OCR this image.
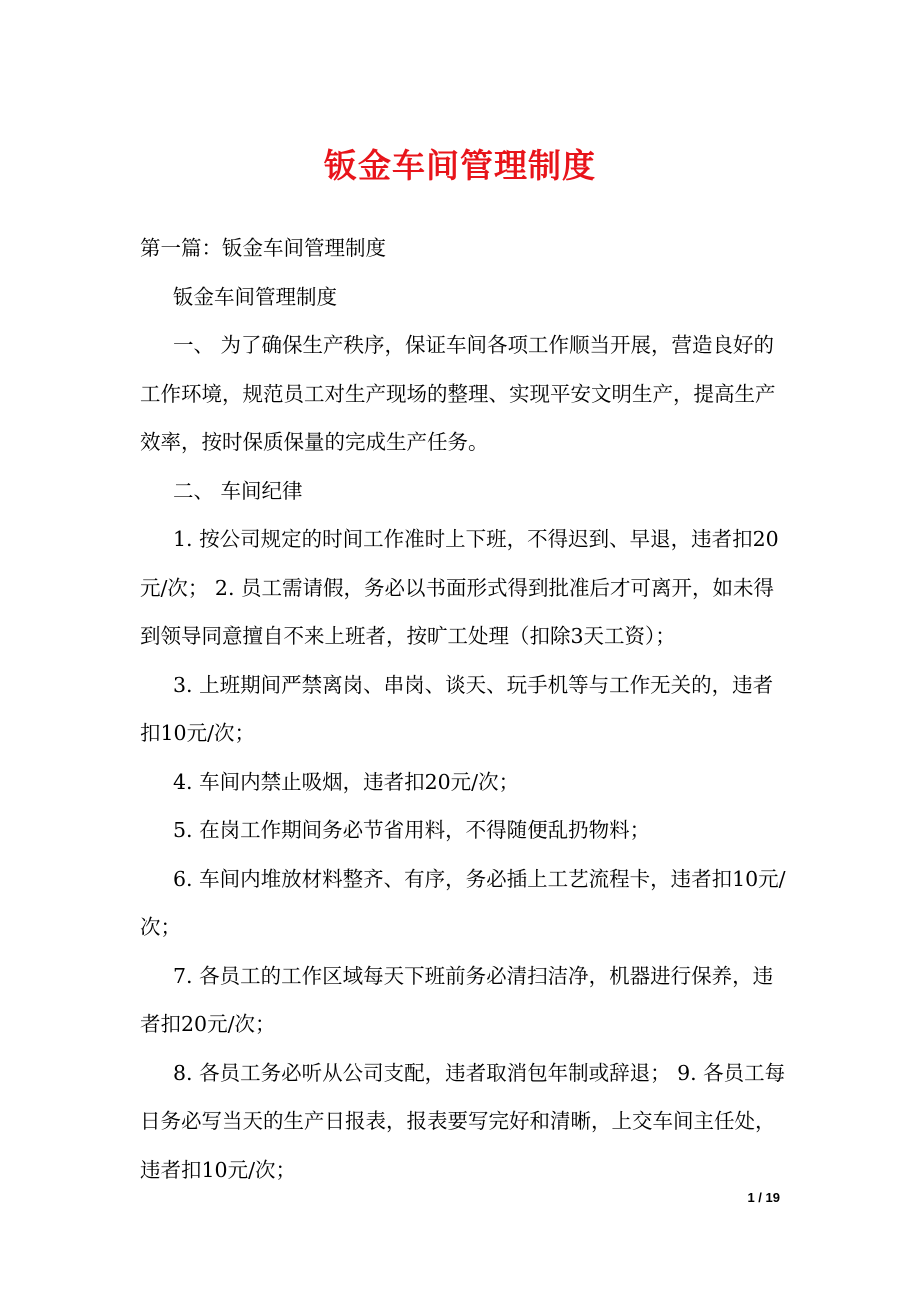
钣金车间管理制度

第一篇：钣金车间管理制度

钣金车间管理制度

一、 为了确保生产秩序，保证车间各项工作顺当开展，营造良好的工作环境，规范员工对生产现场的整理、实现平安文明生产，提高生产效率，按时保质保量的完成生产任务。

二、 车间纪律

1. 按公司规定的时间工作准时上下班，不得迟到、早退，违者扣20元/次； 2. 员工需请假，务必以书面形式得到批准后才可离开，如未得到领导同意擅自不来上班者，按旷工处理（扣除3天工资）；

3. 上班期间严禁离岗、串岗、谈天、玩手机等与工作无关的，违者扣10元/次；

4. 车间内禁止吸烟，违者扣20元/次；

5. 在岗工作期间务必节省用料，不得随便乱扔物料；

6. 车间内堆放材料整齐、有序，务必插上工艺流程卡，违者扣10元/次；

7. 各员工的工作区域每天下班前务必清扫洁净，机器进行保养，违者扣20元/次；

8. 各员工务必听从公司支配，违者取消包年制或辞退； 9. 各员工每日务必写当天的生产日报表，报表要写完好和清晰，上交车间主任处，违者扣10元/次；

1 / 19
